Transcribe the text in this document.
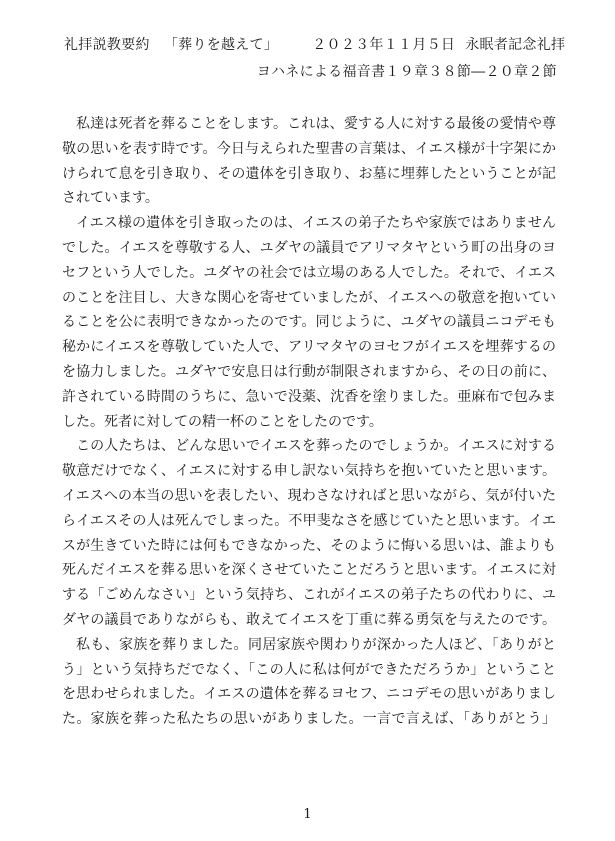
礼拝説教要約 「葬りを越えて」 ２０２３年１１月５日 永眠者記念礼拝
ヨハネによる福音書１９章３８節―２０章２節
私達は死者を葬ることをします。これは、愛する人に対する最後の愛情や尊
敬の思いを表す時です。今日与えられた聖書の言葉は、イエス様が十字架にか
けられて息を引き取り、その遺体を引き取り、お墓に埋葬したということが記
されています。
イエス様の遺体を引き取ったのは、イエスの弟子たちや家族ではありません
でした。イエスを尊敬する人、ユダヤの議員でアリマタヤという町の出身のヨ
セフという人でした。ユダヤの社会では立場のある人でした。それで、イエス
のことを注目し、大きな関心を寄せていましたが、イエスへの敬意を抱いてい
ることを公に表明できなかったのです。同じように、ユダヤの議員ニコデモも
秘かにイエスを尊敬していた人で、アリマタヤのヨセフがイエスを埋葬するの
を協力しました。ユダヤで安息日は行動が制限されますから、その日の前に、
許されている時間のうちに、急いで没薬、沈香を塗りました。亜麻布で包みま
した。死者に対しての精一杯のことをしたのです。
この人たちは、どんな思いでイエスを葬ったのでしょうか。イエスに対する
敬意だけでなく、イエスに対する申し訳ない気持ちを抱いていたと思います。
イエスへの本当の思いを表したい、現わさなければと思いながら、気が付いた
らイエスその人は死んでしまった。不甲斐なさを感じていたと思います。イエ
スが生きていた時には何もできなかった、そのように悔いる思いは、誰よりも
死んだイエスを葬る思いを深くさせていたことだろうと思います。イエスに対
する「ごめんなさい」という気持ち、これがイエスの弟子たちの代わりに、ユ
ダヤの議員でありながらも、敢えてイエスを丁重に葬る勇気を与えたのです。
私も、家族を葬りました。同居家族や関わりが深かった人ほど、「ありがと
う」という気持ちだでなく、「この人に私は何ができただろうか」ということ
を思わせられました。イエスの遺体を葬るヨセフ、ニコデモの思いがありまし
た。家族を葬った私たちの思いがありました。一言で言えば、「ありがとう」
1
